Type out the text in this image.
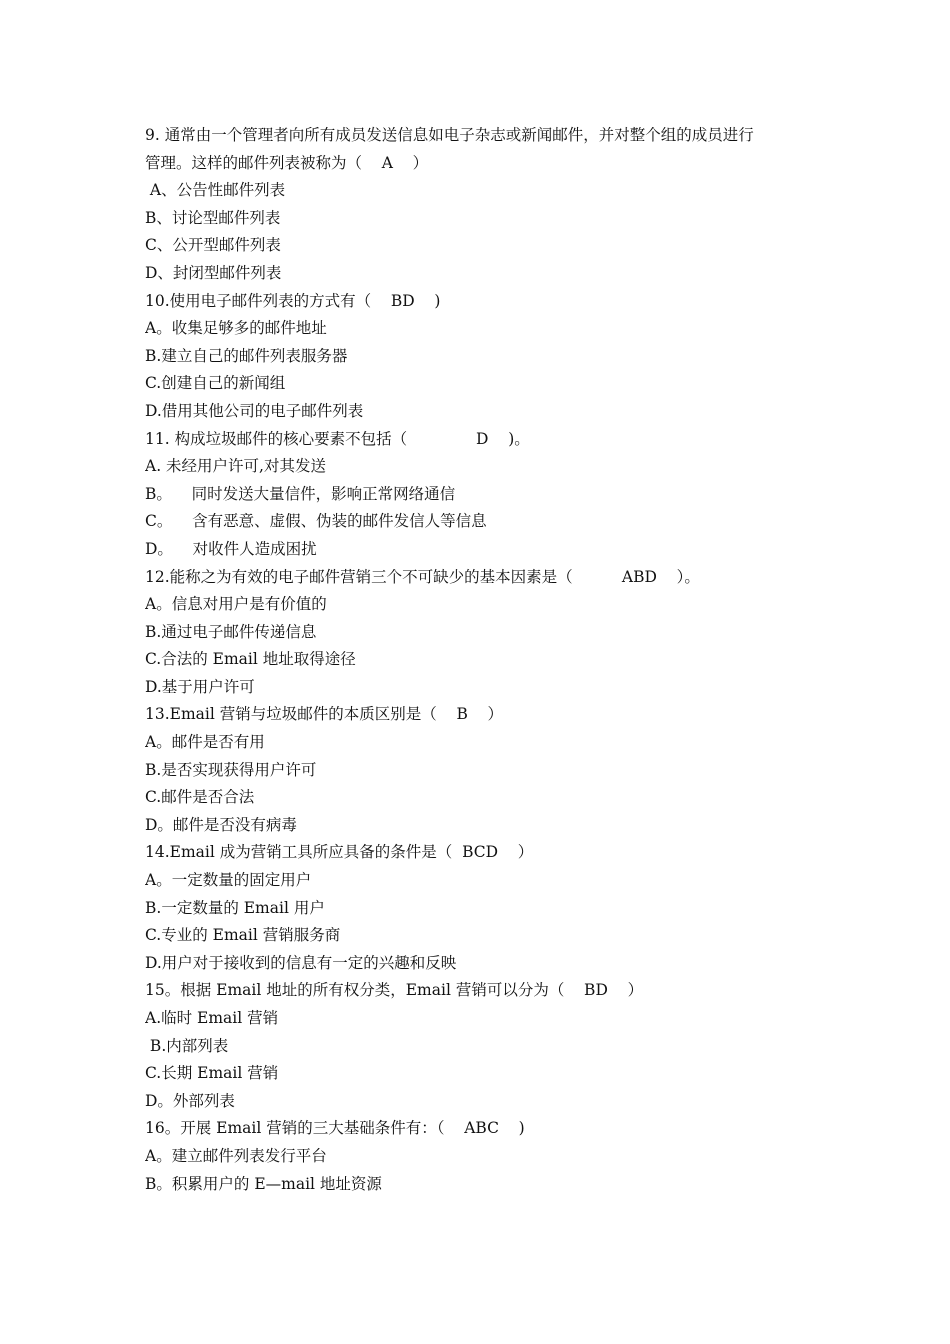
9. 通常由一个管理者向所有成员发送信息如电子杂志或新闻邮件，并对整个组的成员进行
管理。这样的邮件列表被称为（    A    ）
A、公告性邮件列表
B、讨论型邮件列表
C、公开型邮件列表
D、封闭型邮件列表
10.使用电子邮件列表的方式有（    BD    )
A。收集足够多的邮件地址
B.建立自己的邮件列表服务器
C.创建自己的新闻组
D.借用其他公司的电子邮件列表
11. 构成垃圾邮件的核心要素不包括（              D    )。
A. 未经用户许可,对其发送
B。    同时发送大量信件，影响正常网络通信
C。    含有恶意、虚假、伪装的邮件发信人等信息
D。    对收件人造成困扰
12.能称之为有效的电子邮件营销三个不可缺少的基本因素是（          ABD    ）。
A。信息对用户是有价值的
B.通过电子邮件传递信息
C.合法的 Email 地址取得途径
D.基于用户许可
13.Email 营销与垃圾邮件的本质区别是（    B    ）
A。邮件是否有用
B.是否实现获得用户许可
C.邮件是否合法
D。邮件是否没有病毒
14.Email 成为营销工具所应具备的条件是（  BCD    ）
A。一定数量的固定用户
B.一定数量的 Email 用户
C.专业的 Email 营销服务商
D.用户对于接收到的信息有一定的兴趣和反映
15。根据 Email 地址的所有权分类，Email 营销可以分为（    BD    ）
A.临时 Email 营销
B.内部列表
C.长期 Email 营销
D。外部列表
16。开展 Email 营销的三大基础条件有：（    ABC    )
A。建立邮件列表发行平台
B。积累用户的 E—mail 地址资源
